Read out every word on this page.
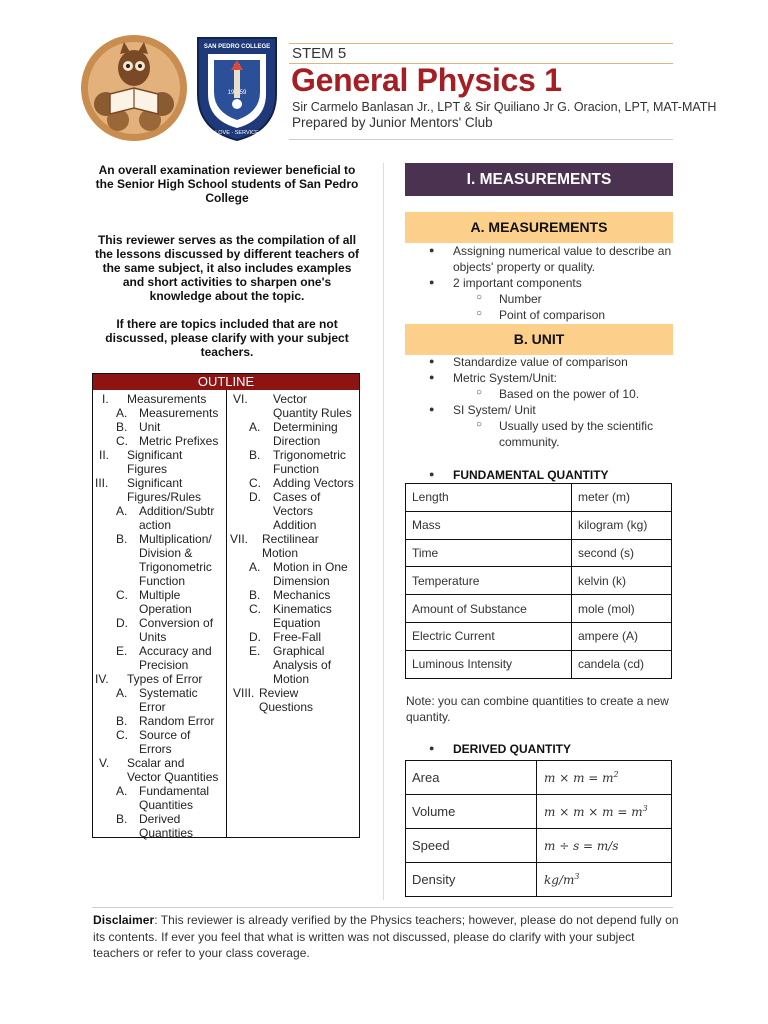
SAN PEDRO COLLEGE
19 · 59
LOVE · SERVICE
STEM 5
General Physics 1
Sir Carmelo Banlasan Jr., LPT & Sir Quiliano Jr G. Oracion, LPT, MAT-MATH
Prepared by Junior Mentors' Club
An overall examination reviewer beneficial to the Senior High School students of San Pedro College
This reviewer serves as the compilation of all the lessons discussed by different teachers of the same subject, it also includes examples and short activities to sharpen one's knowledge about the topic.
If there are topics included that are not discussed, please clarify with your subject teachers.
OUTLINE
I. Measurements
A. Measurements
B. Unit
C. Metric Prefixes
II. Significant
Figures
III. Significant
Figures/Rules
A. Addition/Subtr
action
B. Multiplication/
Division &
Trigonometric
Function
C. Multiple
Operation
D. Conversion of
Units
E. Accuracy and
Precision
IV. Types of Error
A. Systematic
Error
B. Random Error
C. Source of
Errors
V. Scalar and
Vector Quantities
A. Fundamental
Quantities
B. Derived
Quantities
VI. Vector
Quantity Rules
A. Determining
Direction
B. Trigonometric
Function
C. Adding Vectors
D. Cases of
Vectors
Addition
VII. Rectilinear
Motion
A. Motion in One
Dimension
B. Mechanics
C. Kinematics
Equation
D. Free-Fall
E. Graphical
Analysis of
Motion
VIII. Review
Questions
I. MEASUREMENTS
A. MEASUREMENTS
● Assigning numerical value to describe an objects' property or quality.
● 2 important components
○ Number
○ Point of comparison
B. UNIT
● Standardize value of comparison
● Metric System/Unit:
○ Based on the power of 10.
● SI System/ Unit
○ Usually used by the scientific community.
● FUNDAMENTAL QUANTITY
Length	meter (m)
Mass	kilogram (kg)
Time	second (s)
Temperature	kelvin (k)
Amount of Substance	mole (mol)
Electric Current	ampere (A)
Luminous Intensity	candela (cd)
Note: you can combine quantities to create a new quantity.
● DERIVED QUANTITY
Area	$m \times m = m^2$
Volume	$m \times m \times m = m^3$
Speed	m ÷ s = m/s
Density	$kg/m^3$
Disclaimer: This reviewer is already verified by the Physics teachers; however, please do not depend fully on its contents. If ever you feel that what is written was not discussed, please do clarify with your subject teachers or refer to your class coverage.
